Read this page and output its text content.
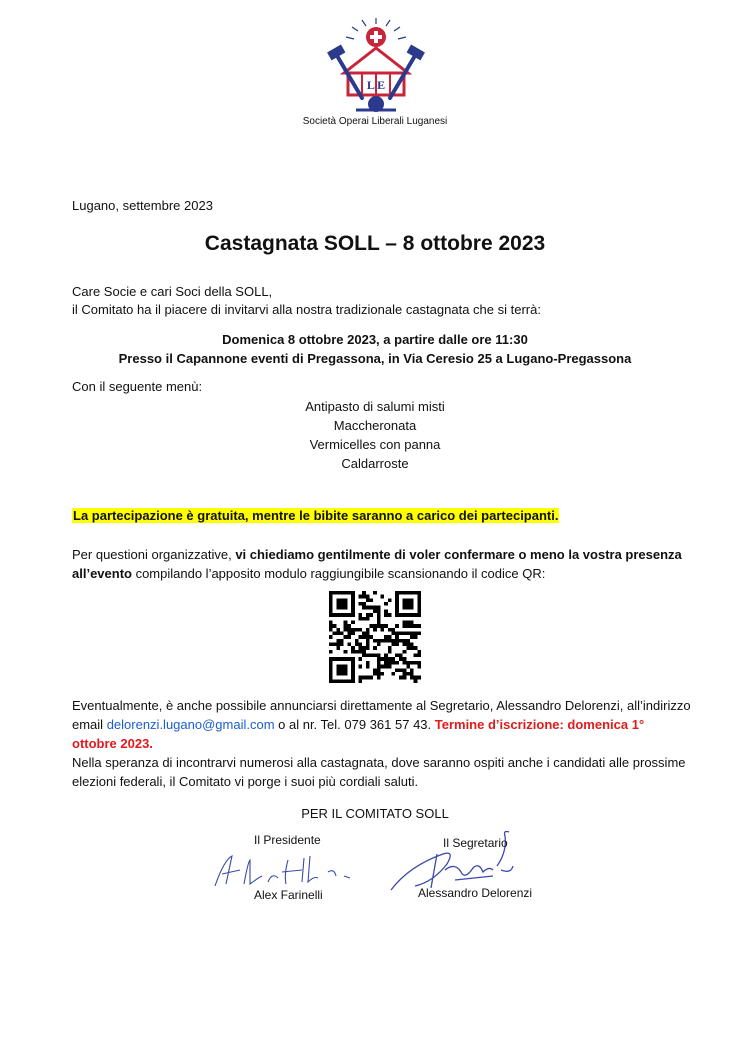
L E
Società Operai Liberali Luganesi
Lugano, settembre 2023
Castagnata SOLL – 8 ottobre 2023
Care Socie e cari Soci della SOLL,
il Comitato ha il piacere di invitarvi alla nostra tradizionale castagnata che si terrà:
Domenica 8 ottobre 2023, a partire dalle ore 11:30
Presso il Capannone eventi di Pregassona, in Via Ceresio 25 a Lugano-Pregassona
Con il seguente menù:
Antipasto di salumi misti
Maccheronata
Vermicelles con panna
Caldarroste
La partecipazione è gratuita, mentre le bibite saranno a carico dei partecipanti.
Per questioni organizzative, vi chiediamo gentilmente di voler confermare o meno la vostra presenza all’evento compilando l’apposito modulo raggiungibile scansionando il codice QR:
Eventualmente, è anche possibile annunciarsi direttamente al Segretario, Alessandro Delorenzi, all’indirizzo email delorenzi.lugano@gmail.com o al nr. Tel. 079 361 57 43. Termine d’iscrizione: domenica 1° ottobre 2023.
Nella speranza di incontrarvi numerosi alla castagnata, dove saranno ospiti anche i candidati alle prossime elezioni federali, il Comitato vi porge i suoi più cordiali saluti.
PER IL COMITATO SOLL
Il Presidente
Alex Farinelli
Il Segretario
Alessandro Delorenzi
